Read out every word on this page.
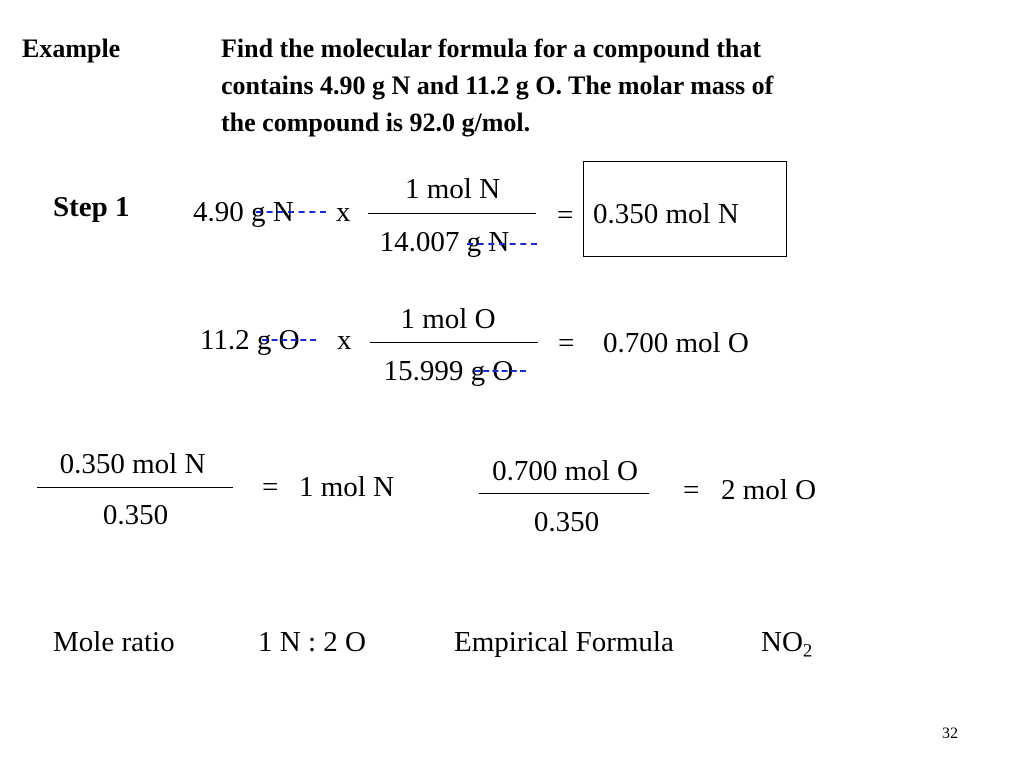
Example	Find the molecular formula for a compound that
contains 4.90 g N and 11.2 g O. The molar mass of
the compound is 92.0 g/mol.
Step 1 4.90 g N x
1 mol N
14.007 g N
= 0.350 mol N
11.2 g O x
1 mol O
15.999 g O
= 0.700 mol O
0.350 mol N
0.350
= 1 mol N	0.700 mol O
0.350
= 2 mol O
Mole ratio	1 N : 2 O	Empirical Formula	$NO_2$
32
